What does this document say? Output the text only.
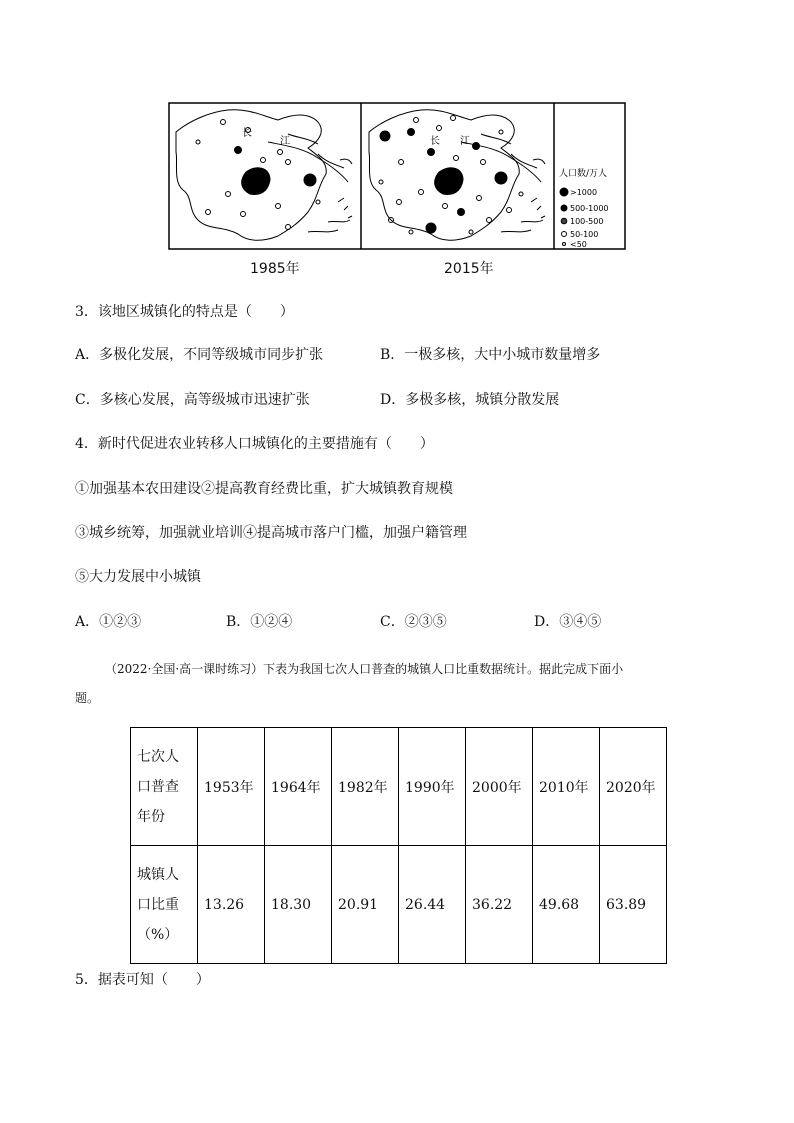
长
江	长 江
人口数/万人
>1000
500-1000
100-500
50-100
<50
1985年	2015年
3．该地区城镇化的特点是（　　）
A．多极化发展，不同等级城市同步扩张	B．一极多核，大中小城市数量增多
C．多核心发展，高等级城市迅速扩张	D．多极多核，城镇分散发展
4．新时代促进农业转移人口城镇化的主要措施有（　　）
①加强基本农田建设②提高教育经费比重，扩大城镇教育规模
③城乡统筹，加强就业培训④提高城市落户门槛，加强户籍管理
⑤大力发展中小城镇
A．①②③	B．①②④	C．②③⑤	D．③④⑤
（2022·全国·高一课时练习）下表为我国七次人口普查的城镇人口比重数据统计。据此完成下面小
题。
七次人口普查年份	1953年	1964年	1982年	1990年	2000年	2010年	2020年

城镇人口比重（%）	13.26	18.30	20.91	26.44	36.22	49.68	63.89
5．据表可知（　　）
